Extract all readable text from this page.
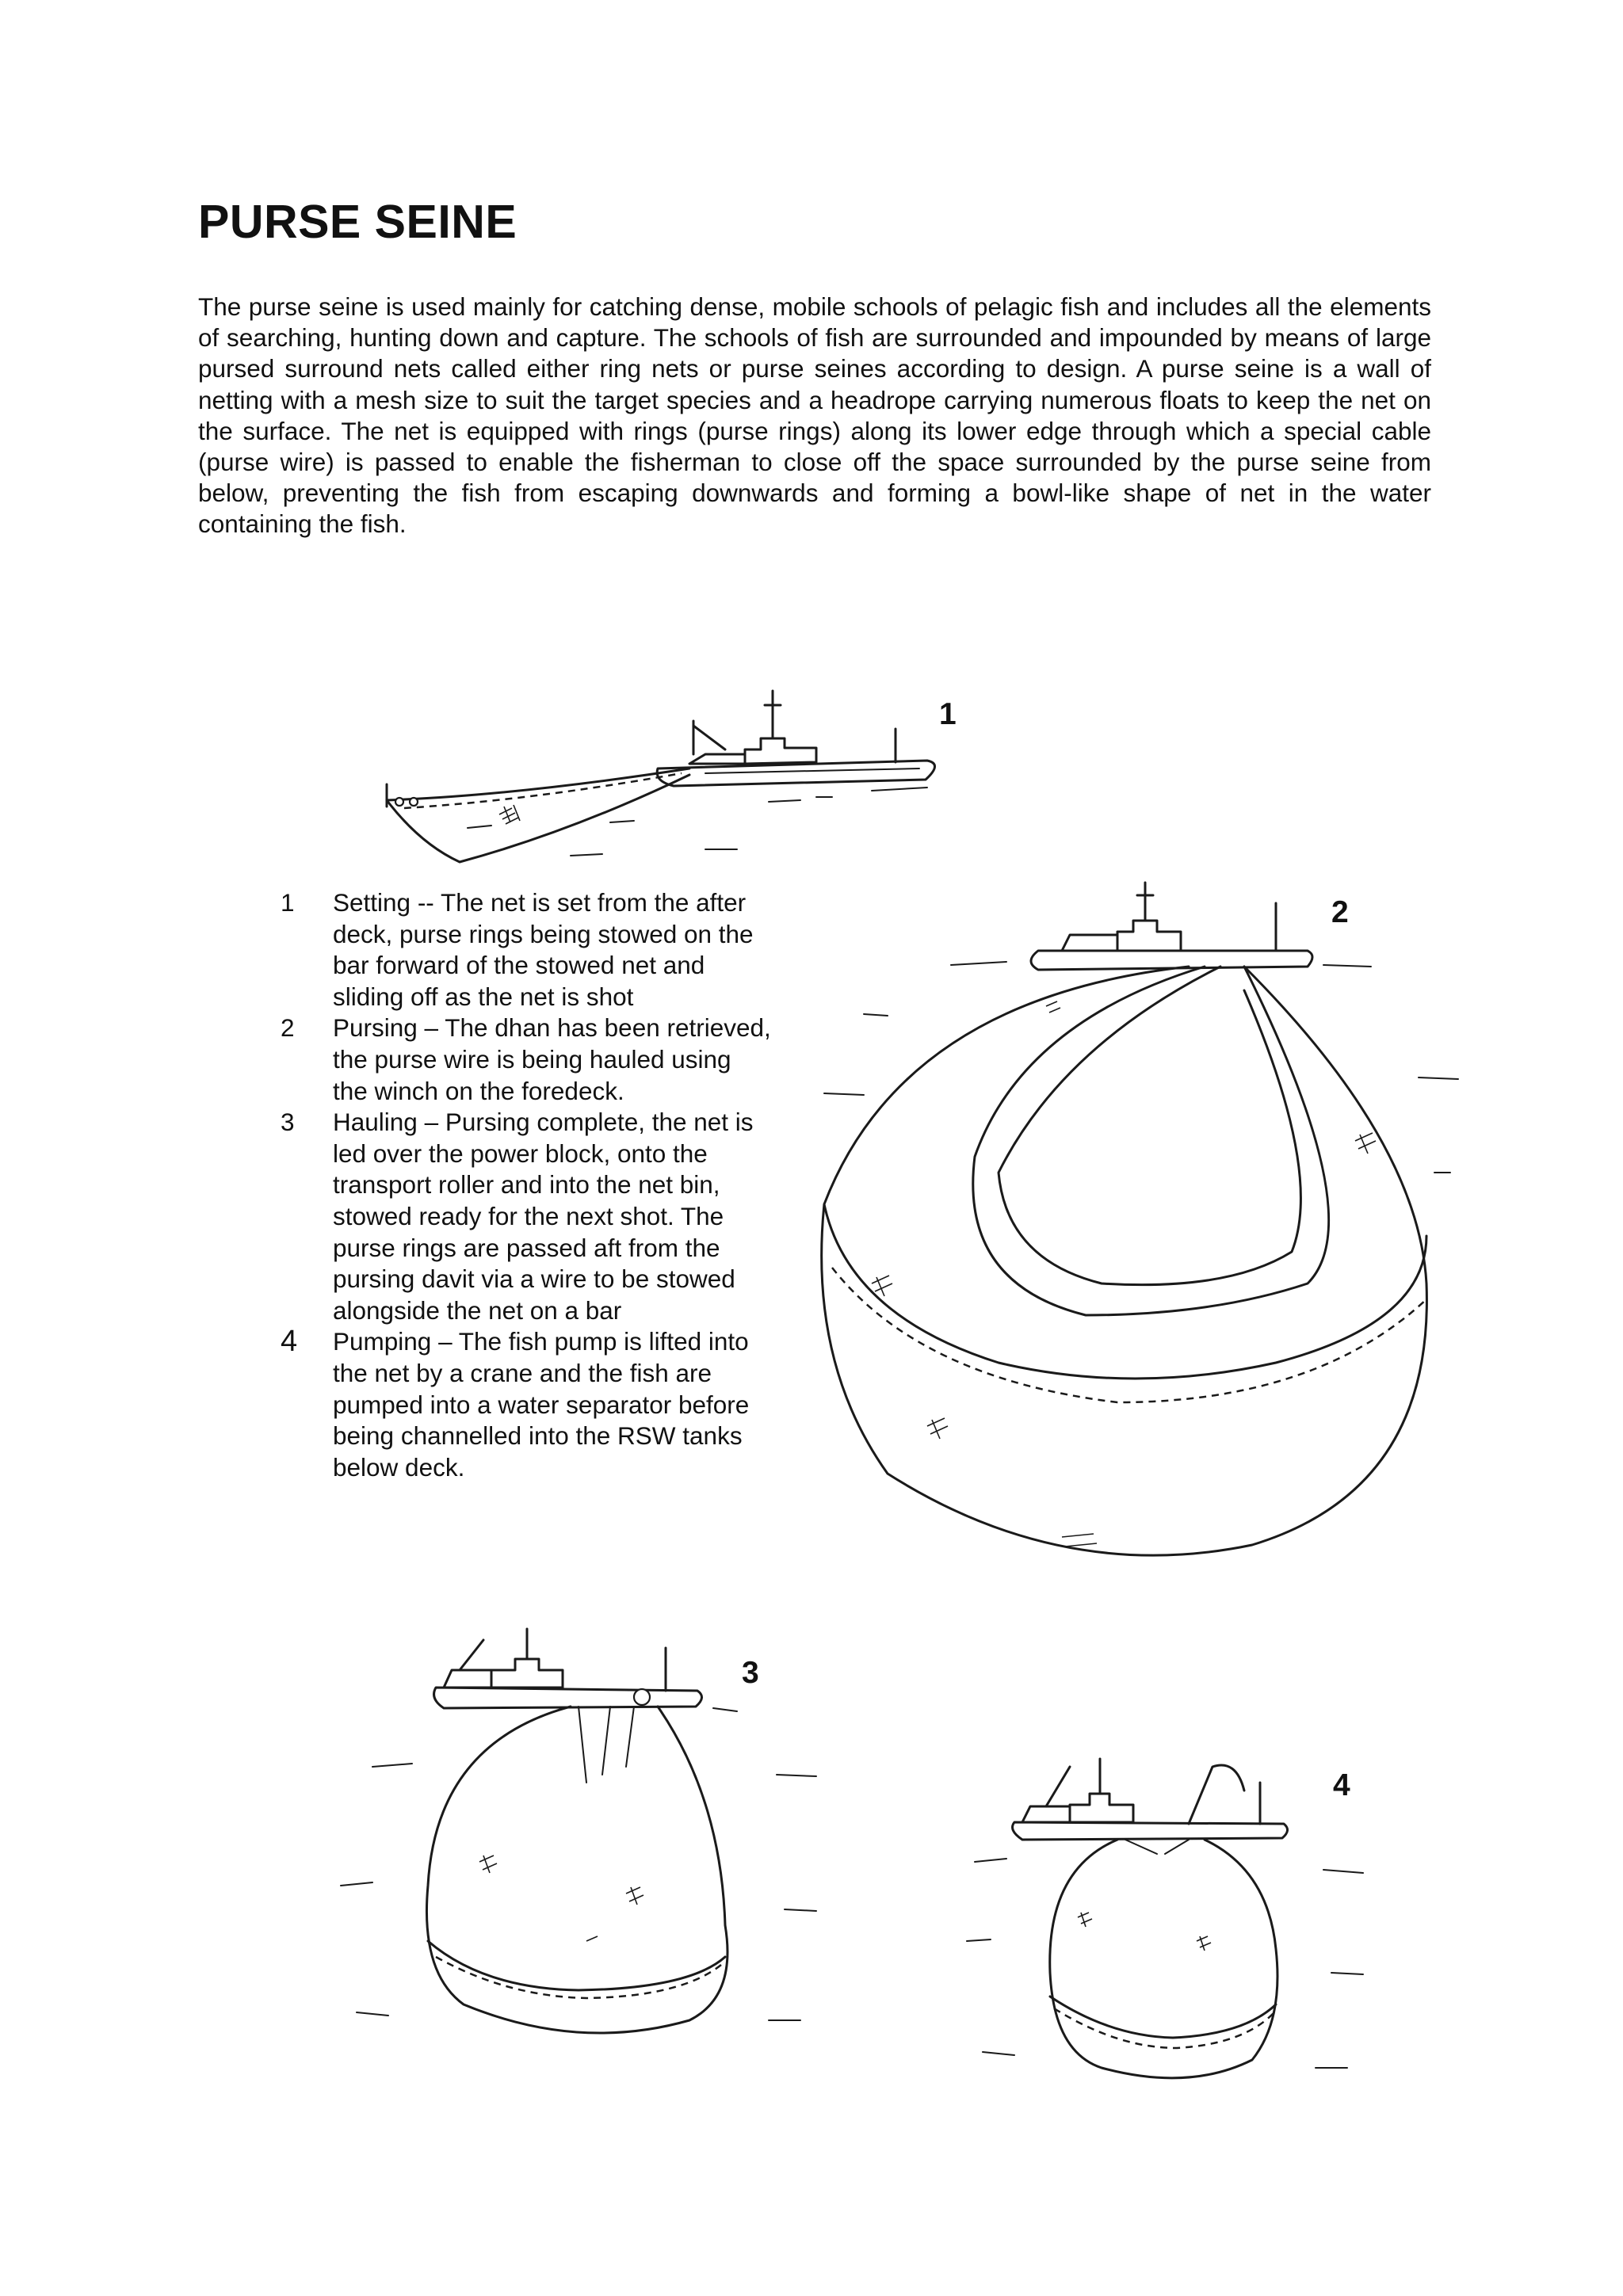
PURSE SEINE

The purse seine is used mainly for catching dense, mobile schools of pelagic fish and includes all the elements of searching, hunting down and capture. The schools of fish are surrounded and impounded by means of large pursed surround nets called either ring nets or purse seines according to design. A purse seine is a wall of netting with a mesh size to suit the target species and a headrope carrying numerous floats to keep the net on the surface. The net is equipped with rings (purse rings) along its lower edge through which a special cable (purse wire) is passed to enable the fisherman to close off the space surrounded by the purse seine from below, preventing the fish from escaping downwards and forming a bowl-like shape of net in the water containing the fish.

1
2
1 Setting -- The net is set from the after deck, purse rings being stowed on the bar forward of the stowed net and sliding off as the net is shot
2 Pursing – The dhan has been retrieved, the purse wire is being hauled using the winch on the foredeck.
3 Hauling – Pursing complete, the net is led over the power block, onto the transport roller and into the net bin, stowed ready for the next shot. The purse rings are passed aft from the pursing davit via a wire to be stowed alongside the net on a bar
4 Pumping – The fish pump is lifted into the net by a crane and the fish are pumped into a water separator before being channelled into the RSW tanks below deck.
3
4
